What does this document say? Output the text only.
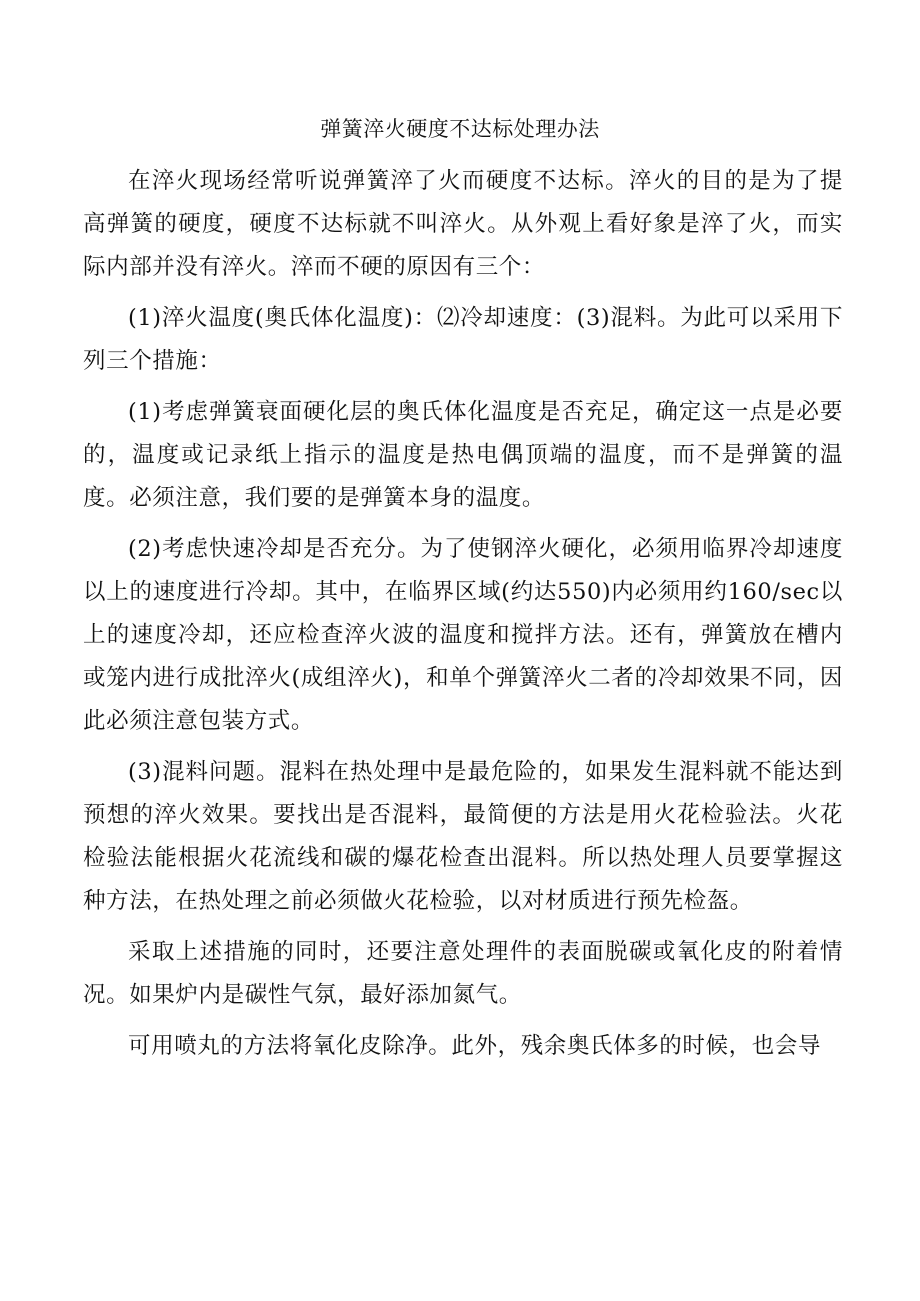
弹簧淬火硬度不达标处理办法

在淬火现场经常听说弹簧淬了火而硬度不达标。淬火的目的是为了提高弹簧的硬度，硬度不达标就不叫淬火。从外观上看好象是淬了火，而实际内部并没有淬火。淬而不硬的原因有三个：

(1)淬火温度(奥氏体化温度)：⑵冷却速度：(3)混料。为此可以采用下列三个措施：

(1)考虑弹簧衰面硬化层的奥氏体化温度是否充足，确定这一点是必要的，温度或记录纸上指示的温度是热电偶顶端的温度，而不是弹簧的温度。必须注意，我们要的是弹簧本身的温度。

(2)考虑快速冷却是否充分。为了使钢淬火硬化，必须用临界冷却速度以上的速度进行冷却。其中，在临界区域(约达550)内必须用约160/sec以上的速度冷却，还应检查淬火波的温度和搅拌方法。还有，弹簧放在槽内或笼内进行成批淬火(成组淬火)，和单个弹簧淬火二者的冷却效果不同，因此必须注意包装方式。

(3)混料问题。混料在热处理中是最危险的，如果发生混料就不能达到预想的淬火效果。要找出是否混料，最简便的方法是用火花检验法。火花检验法能根据火花流线和碳的爆花检查出混料。所以热处理人员要掌握这种方法，在热处理之前必须做火花检验，以对材质进行预先检盔。

采取上述措施的同时，还要注意处理件的表面脱碳或氧化皮的附着情况。如果炉内是碳性气氛，最好添加氮气。

可用喷丸的方法将氧化皮除净。此外，残余奥氏体多的时候，也会导
